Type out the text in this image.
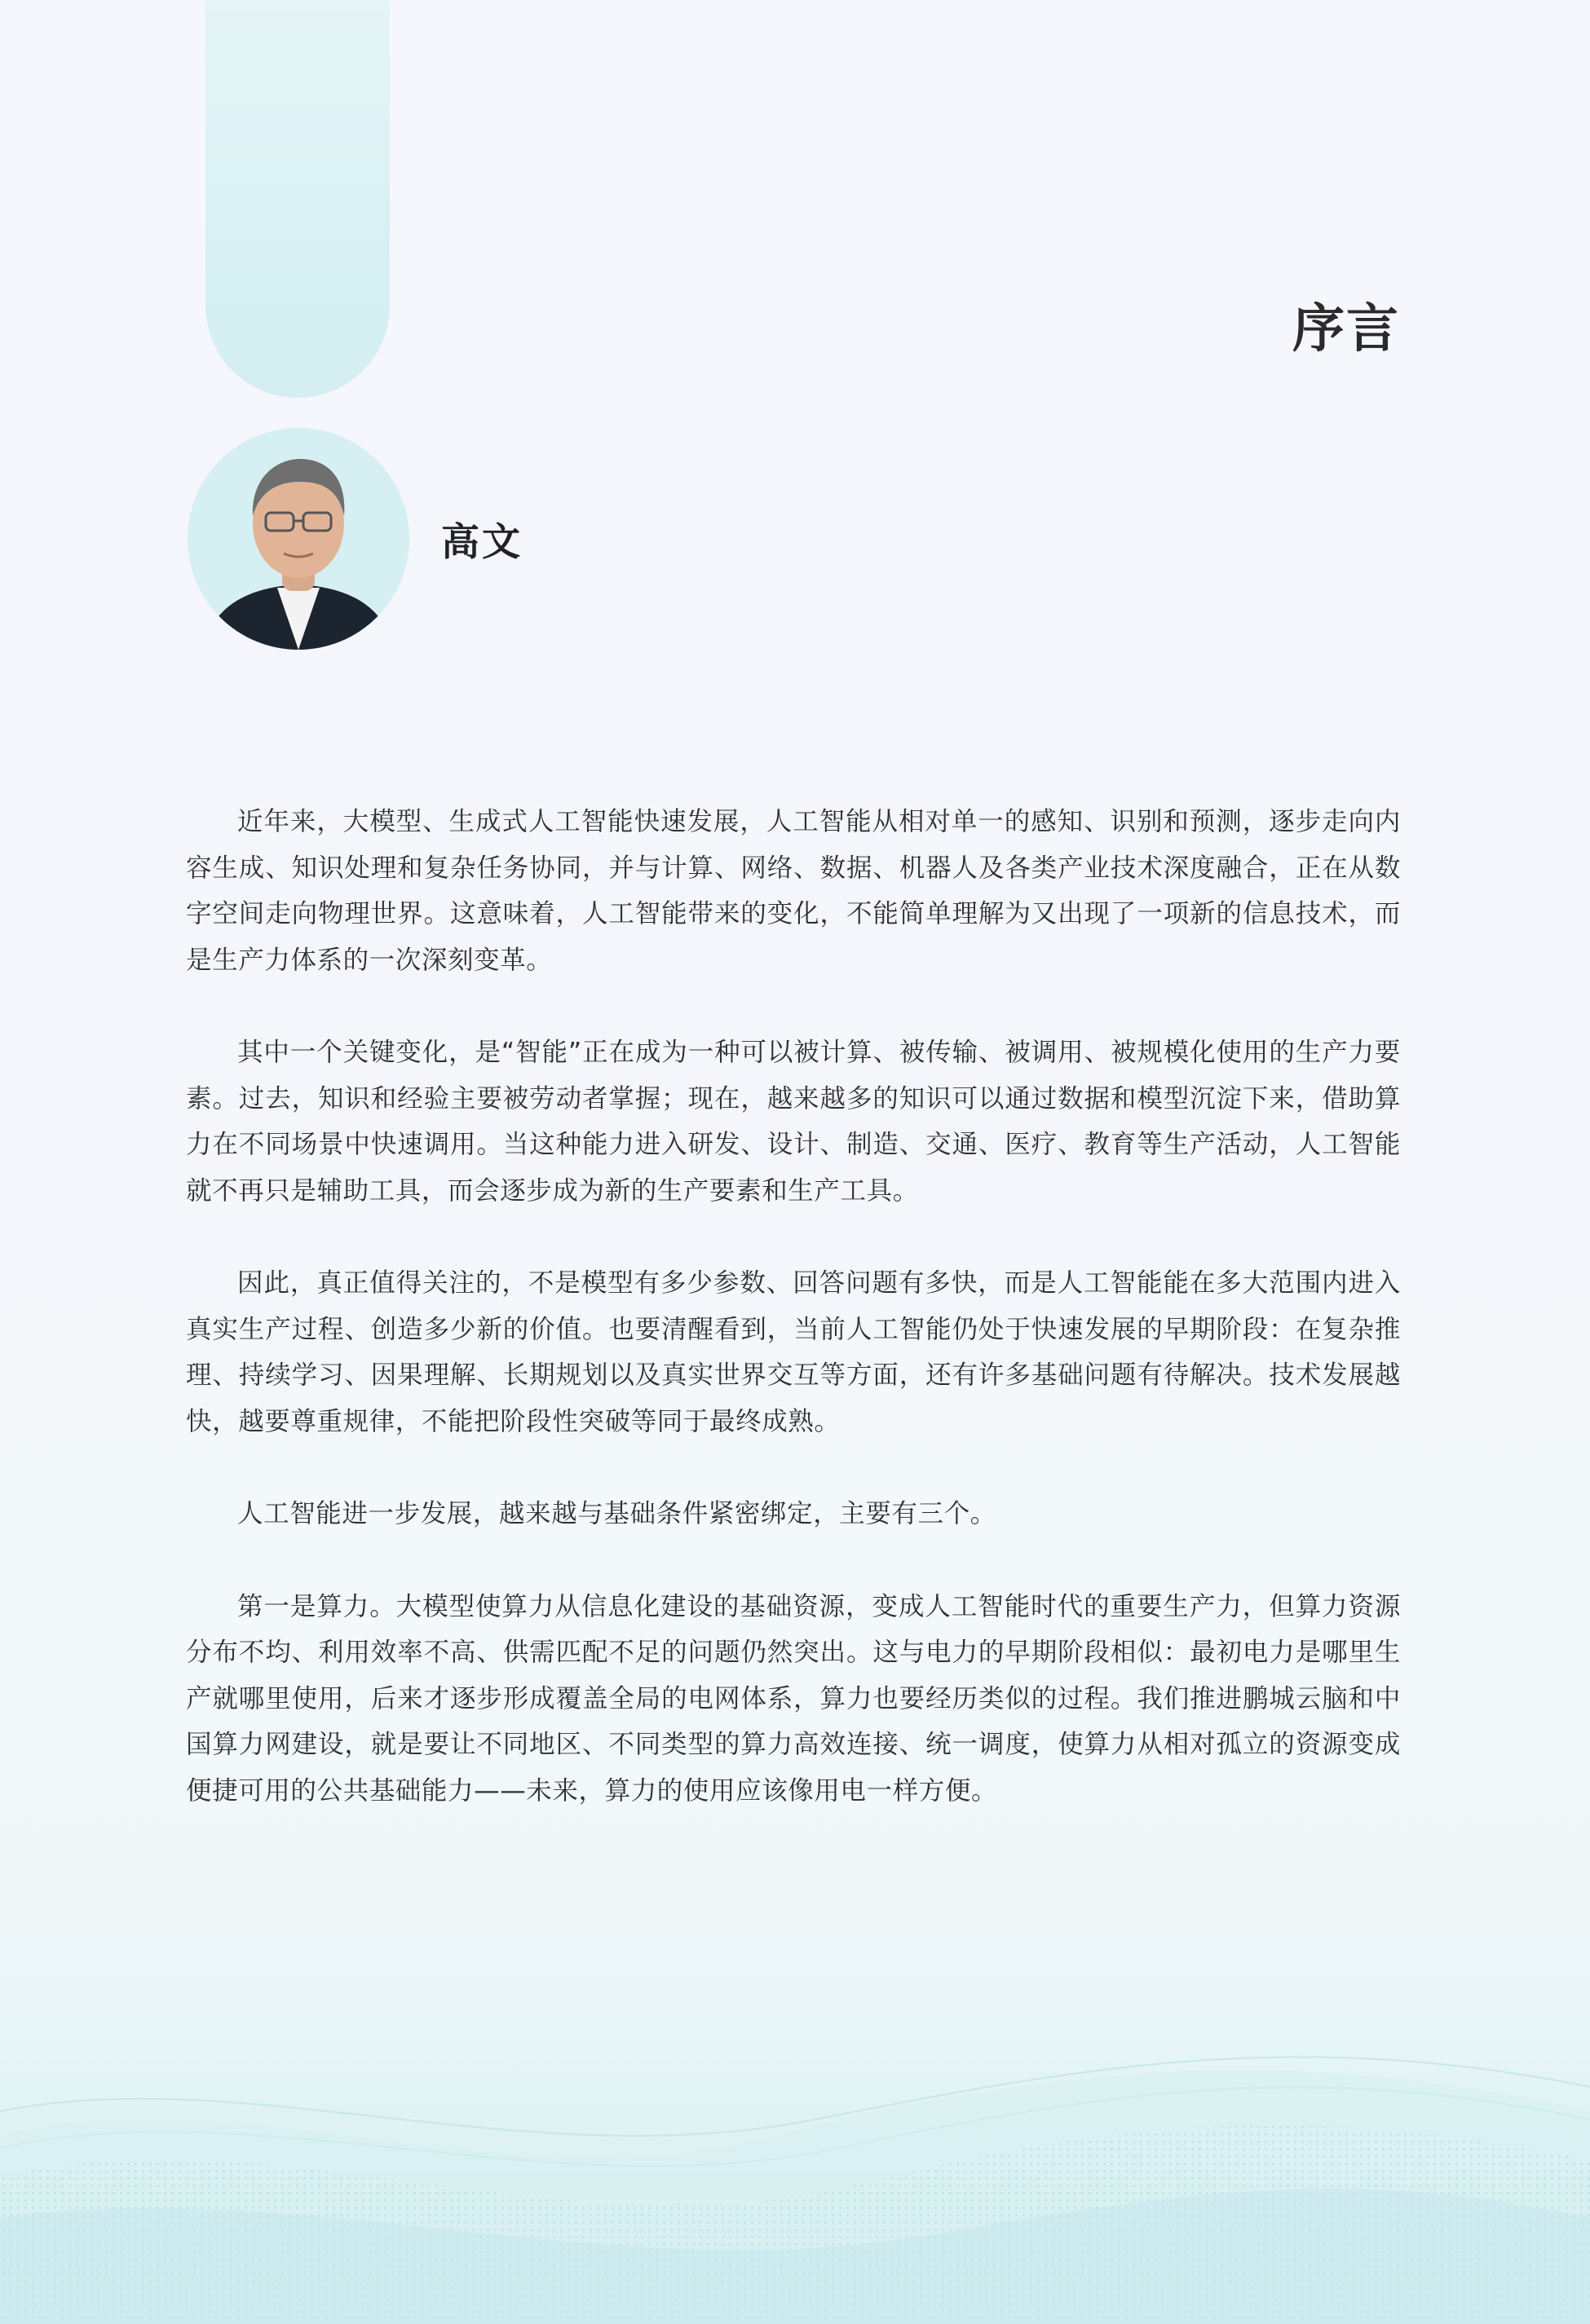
序言
高文

近年来，大模型、生成式人工智能快速发展，人工智能从相对单一的感知、识别和预测，逐步走向内容生成、知识处理和复杂任务协同，并与计算、网络、数据、机器人及各类产业技术深度融合，正在从数字空间走向物理世界。这意味着，人工智能带来的变化，不能简单理解为又出现了一项新的信息技术，而是生产力体系的一次深刻变革。

其中一个关键变化，是“智能”正在成为一种可以被计算、被传输、被调用、被规模化使用的生产力要素。过去，知识和经验主要被劳动者掌握；现在，越来越多的知识可以通过数据和模型沉淀下来，借助算力在不同场景中快速调用。当这种能力进入研发、设计、制造、交通、医疗、教育等生产活动，人工智能就不再只是辅助工具，而会逐步成为新的生产要素和生产工具。

因此，真正值得关注的，不是模型有多少参数、回答问题有多快，而是人工智能能在多大范围内进入真实生产过程、创造多少新的价值。也要清醒看到，当前人工智能仍处于快速发展的早期阶段：在复杂推理、持续学习、因果理解、长期规划以及真实世界交互等方面，还有许多基础问题有待解决。技术发展越快，越要尊重规律，不能把阶段性突破等同于最终成熟。

人工智能进一步发展，越来越与基础条件紧密绑定，主要有三个。

第一是算力。大模型使算力从信息化建设的基础资源，变成人工智能时代的重要生产力，但算力资源分布不均、利用效率不高、供需匹配不足的问题仍然突出。这与电力的早期阶段相似：最初电力是哪里生产就哪里使用，后来才逐步形成覆盖全局的电网体系，算力也要经历类似的过程。我们推进鹏城云脑和中国算力网建设，就是要让不同地区、不同类型的算力高效连接、统一调度，使算力从相对孤立的资源变成便捷可用的公共基础能力——未来，算力的使用应该像用电一样方便。
